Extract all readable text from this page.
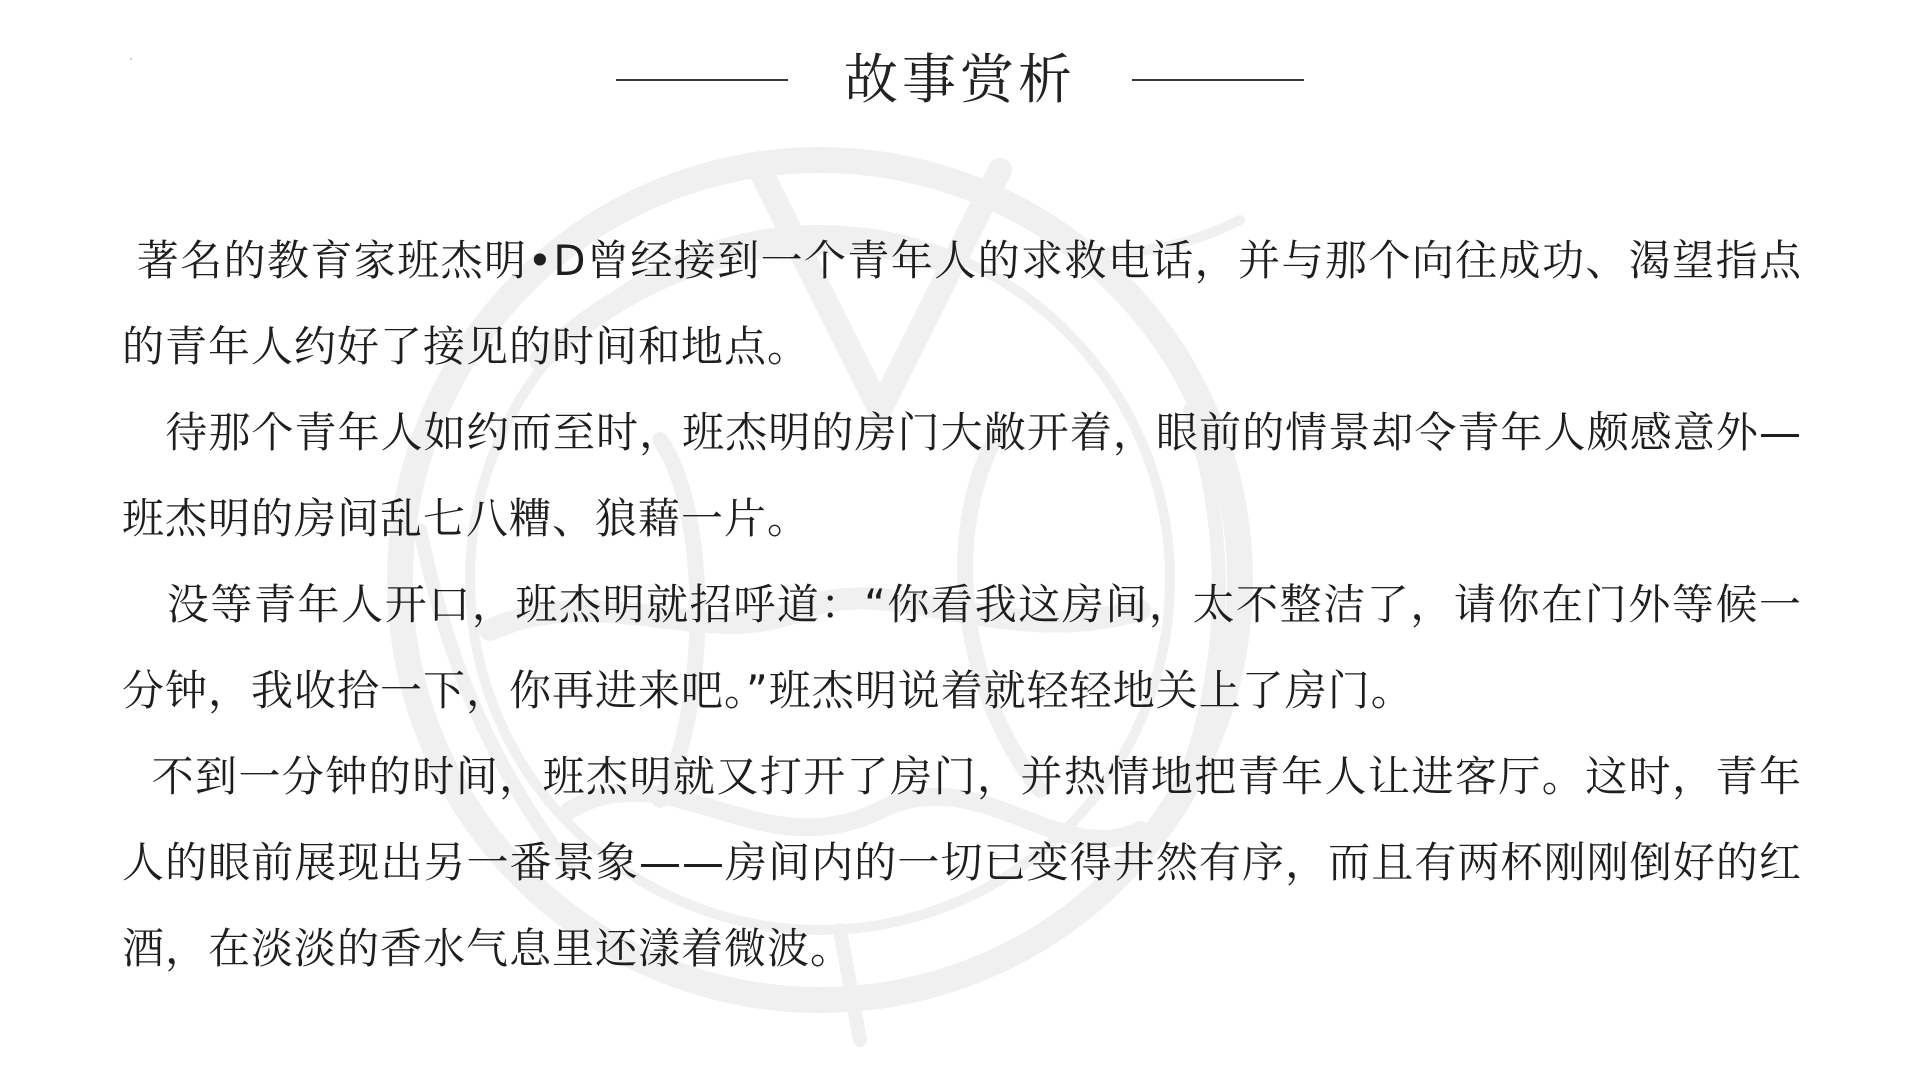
故事赏析

著名的教育家班杰明•D曾经接到一个青年人的求救电话，并与那个向往成功、渴望指点的青年人约好了接见的时间和地点。

待那个青年人如约而至时，班杰明的房门大敞开着，眼前的情景却令青年人颇感意外—班杰明的房间乱七八糟、狼藉一片。

没等青年人开口，班杰明就招呼道：“你看我这房间，太不整洁了，请你在门外等候一分钟，我收拾一下，你再进来吧。”班杰明说着就轻轻地关上了房门。

不到一分钟的时间，班杰明就又打开了房门，并热情地把青年人让进客厅。这时，青年人的眼前展现出另一番景象——房间内的一切已变得井然有序，而且有两杯刚刚倒好的红酒，在淡淡的香水气息里还漾着微波。
